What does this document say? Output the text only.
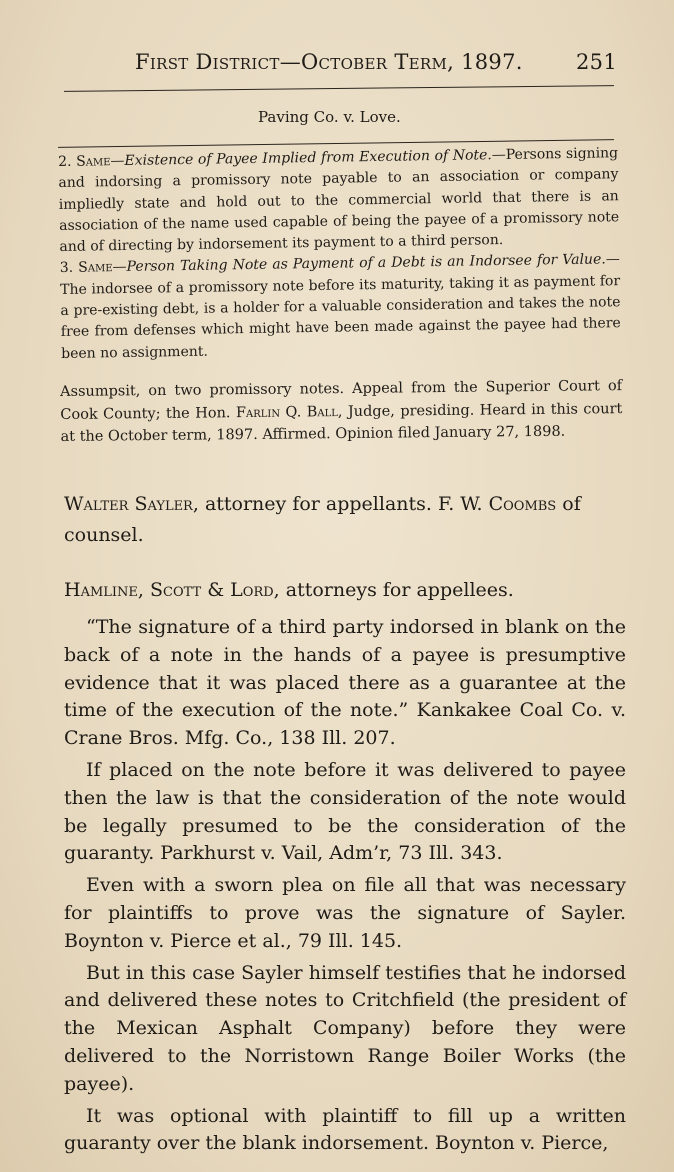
First District—October Term, 1897.	251
Paving Co. v. Love.

2. Same—Existence of Payee Implied from Execution of Note.—Persons signing and indorsing a promissory note payable to an association or company impliedly state and hold out to the commercial world that there is an association of the name used capable of being the payee of a promissory note and of directing by indorsement its payment to a third person.

3. Same—Person Taking Note as Payment of a Debt is an Indorsee for Value.—The indorsee of a promissory note before its maturity, taking it as payment for a pre-existing debt, is a holder for a valuable consideration and takes the note free from defenses which might have been made against the payee had there been no assignment.

Assumpsit, on two promissory notes. Appeal from the Superior Court of Cook County; the Hon. Farlin Q. Ball, Judge, presiding. Heard in this court at the October term, 1897. Affirmed. Opinion filed January 27, 1898.

Walter Sayler, attorney for appellants. F. W. Coombs of counsel.

Hamline, Scott & Lord, attorneys for appellees.

“The signature of a third party indorsed in blank on the back of a note in the hands of a payee is presumptive evidence that it was placed there as a guarantee at the time of the execution of the note.” Kankakee Coal Co. v. Crane Bros. Mfg. Co., 138 Ill. 207.

If placed on the note before it was delivered to payee then the law is that the consideration of the note would be legally presumed to be the consideration of the guaranty. Parkhurst v. Vail, Adm’r, 73 Ill. 343.

Even with a sworn plea on file all that was necessary for plaintiffs to prove was the signature of Sayler. Boynton v. Pierce et al., 79 Ill. 145.

But in this case Sayler himself testifies that he indorsed and delivered these notes to Critchfield (the president of the Mexican Asphalt Company) before they were delivered to the Norristown Range Boiler Works (the payee).

It was optional with plaintiff to fill up a written guaranty over the blank indorsement. Boynton v. Pierce,
